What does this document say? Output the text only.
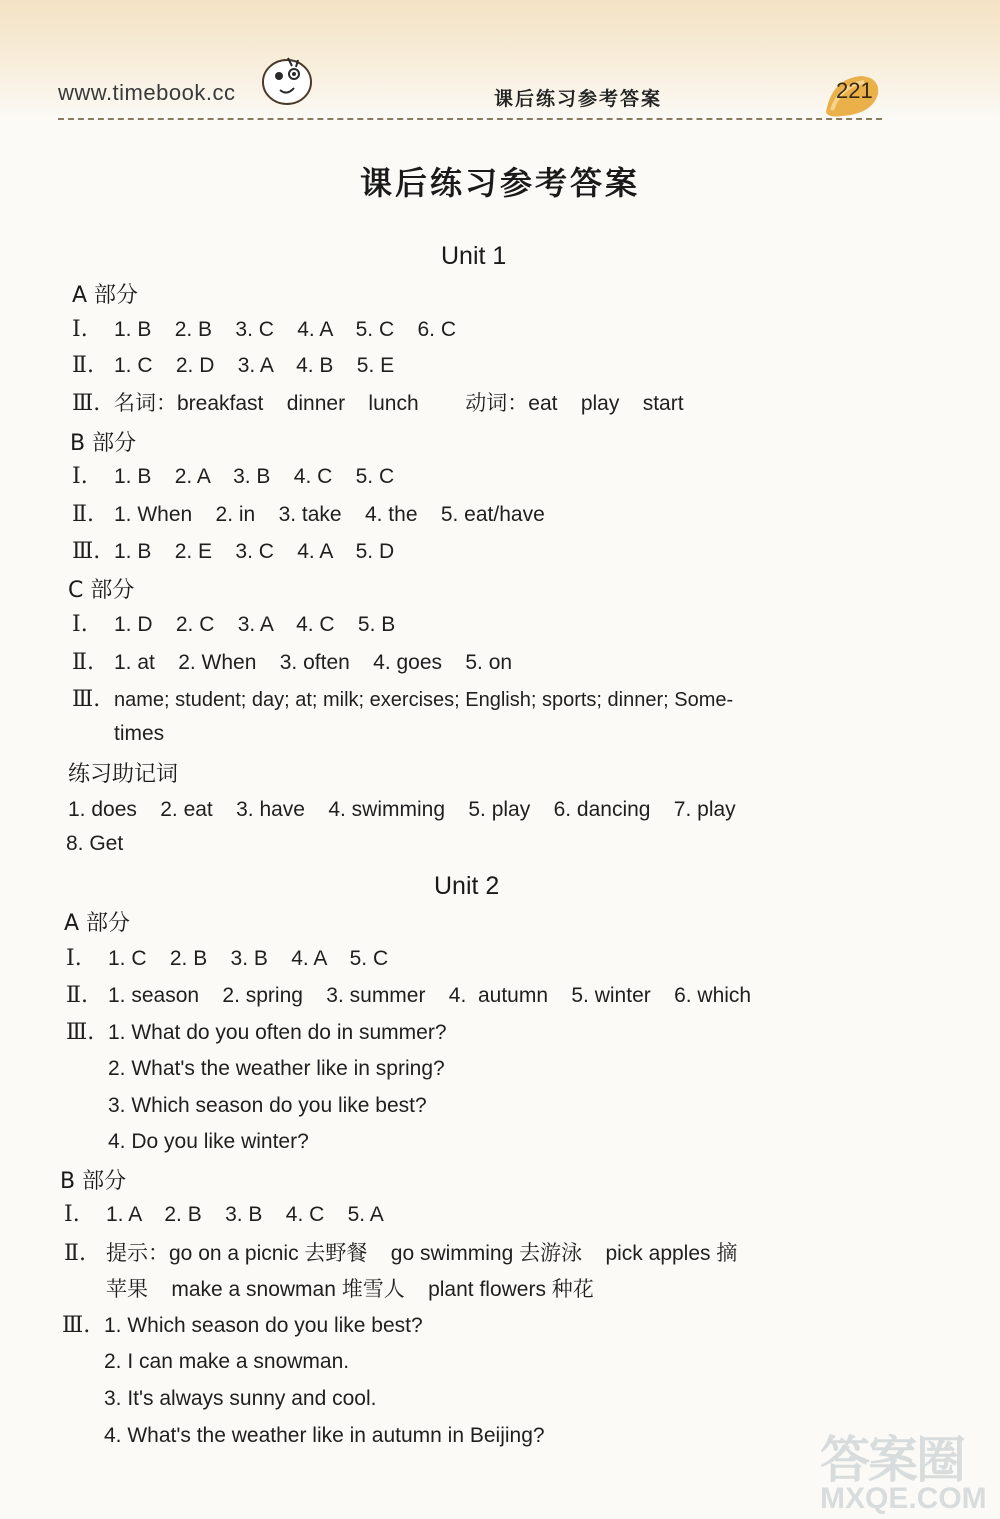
www.timebook.cc	课后练习参考答案	221
课后练习参考答案
Unit 1
A 部分
Ⅰ. 1. B    2. B    3. C    4. A    5. C    6. C
Ⅱ. 1. C    2. D    3. A    4. B    5. E
Ⅲ. 名词：breakfast    dinner    lunch        动词：eat    play    start
B 部分
Ⅰ. 1. B    2. A    3. B    4. C    5. C
Ⅱ. 1. When    2. in    3. take    4. the    5. eat/have
Ⅲ. 1. B    2. E    3. C    4. A    5. D
C 部分
Ⅰ. 1. D    2. C    3. A    4. C    5. B
Ⅱ. 1. at    2. When    3. often    4. goes    5. on
Ⅲ. name; student; day; at; milk; exercises; English; sports; dinner; Some-
times
练习助记词
1. does    2. eat    3. have    4. swimming    5. play    6. dancing    7. play
8. Get
Unit 2
A 部分
Ⅰ. 1. C    2. B    3. B    4. A    5. C
Ⅱ. 1. season    2. spring    3. summer    4.  autumn    5. winter    6. which
Ⅲ. 1. What do you often do in summer?
2. What's the weather like in spring?
3. Which season do you like best?
4. Do you like winter?
B 部分
Ⅰ. 1. A    2. B    3. B    4. C    5. A
Ⅱ. 提示：go on a picnic 去野餐    go swimming 去游泳    pick apples 摘
苹果    make a snowman 堆雪人    plant flowers 种花
Ⅲ. 1. Which season do you like best?
2. I can make a snowman.
3. It's always sunny and cool.
4. What's the weather like in autumn in Beijing?	答案圈
MXQE.COM
